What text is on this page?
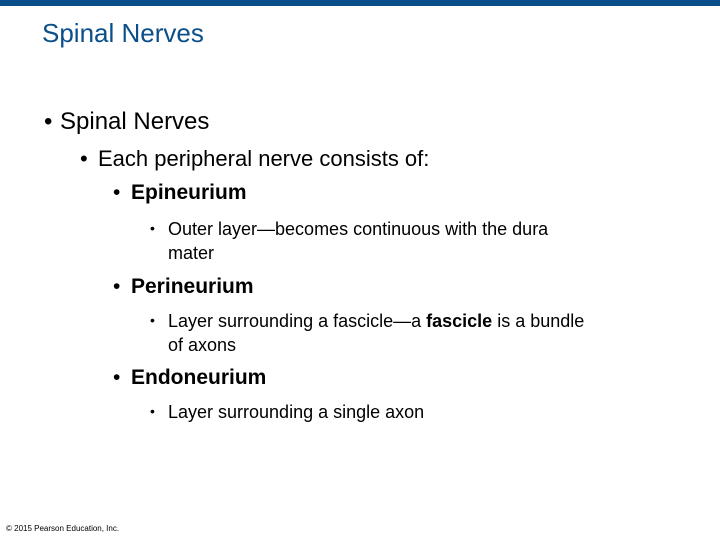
Spinal Nerves
• Spinal Nerves
• Each peripheral nerve consists of:
• Epineurium
• Outer layer—becomes continuous with the dura
mater
• Perineurium
• Layer surrounding a fascicle—a fascicle is a bundle
of axons
• Endoneurium
• Layer surrounding a single axon
© 2015 Pearson Education, Inc.
